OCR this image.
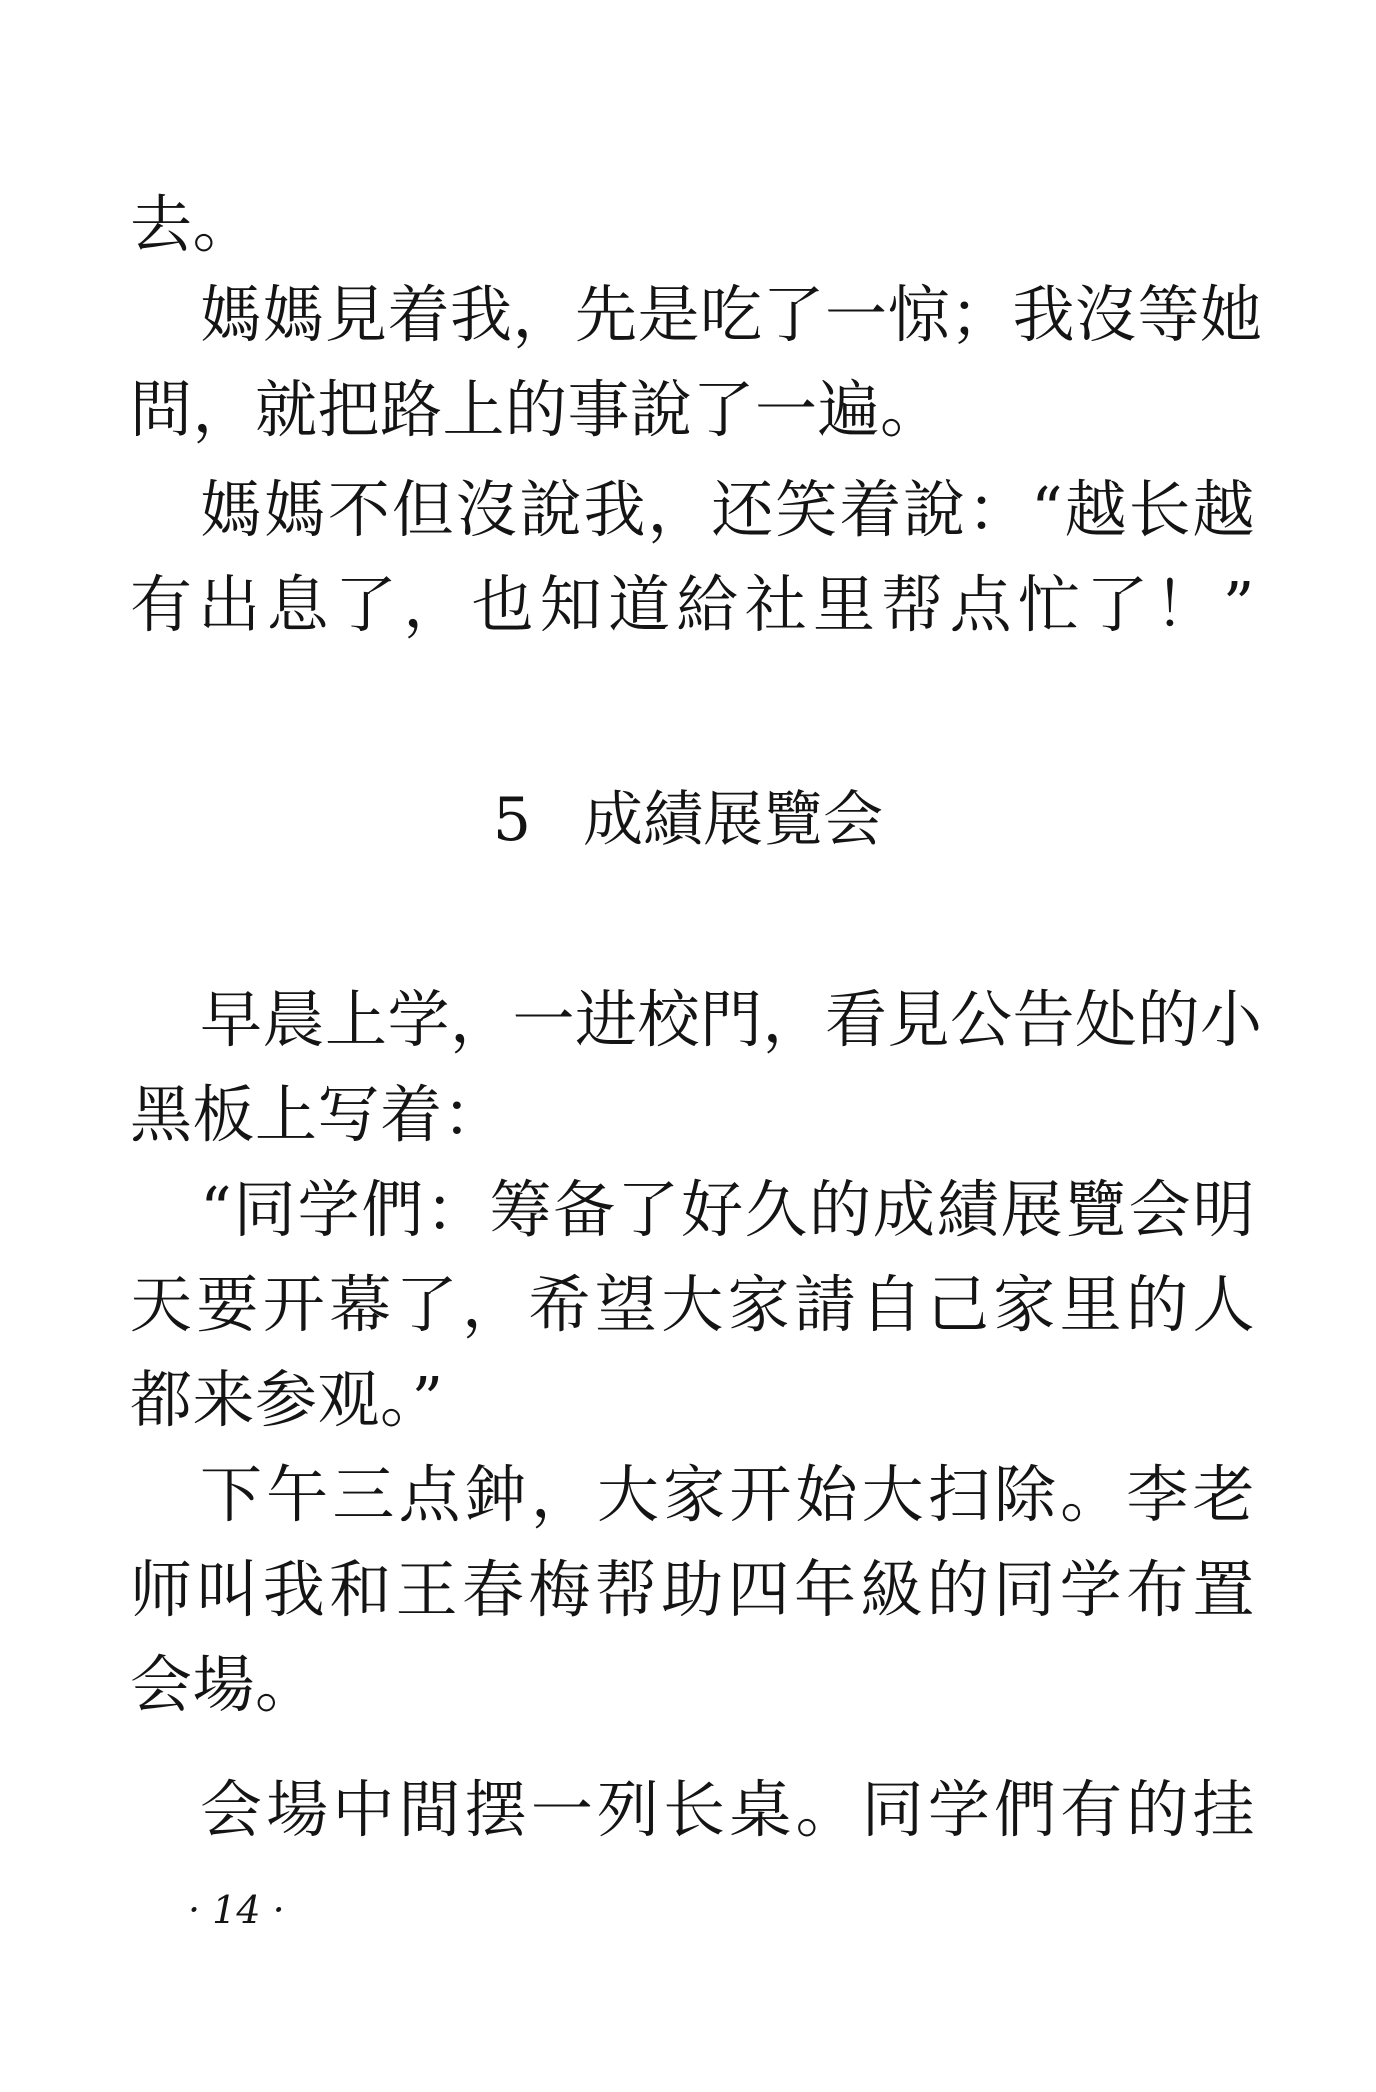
去。
媽媽見着我，先是吃了一惊；我沒等她
問，就把路上的事說了一遍。
媽媽不但沒說我，还笑着說：“越长越
有出息了，也知道給社里帮点忙了！”
5 成績展覽会
早晨上学，一进校門，看見公告处的小
黑板上写着：
“同学們：筹备了好久的成績展覽会明
天要开幕了，希望大家請自己家里的人
都来参观。”
下午三点鈡，大家开始大扫除。李老
师叫我和王春梅帮助四年級的同学布置
会場。
会場中間摆一列长桌。同学們有的挂
· 14 ·
